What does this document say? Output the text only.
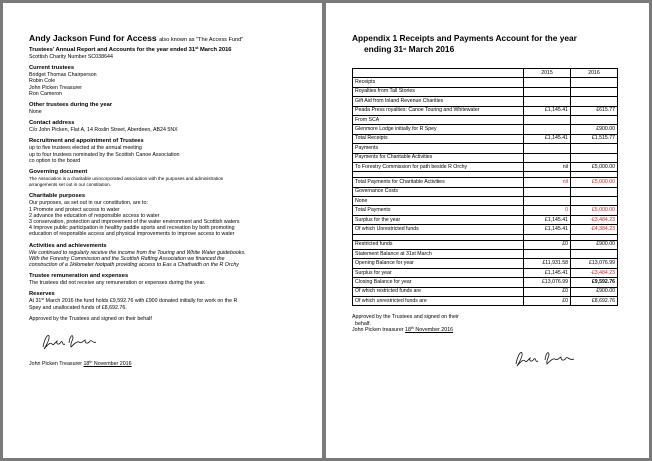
Andy Jackson Fund for Access also known as "The Access Fund"
Trustees’ Annual Report and Accounts for the year ended 31st March 2016
Scottish Charity Number SC038644
Current trustees
Bridget Thomas Chairperson
Robin Cole
John Picken Treasurer
Ron Cameron
Other trustees during the year
None
Contact address
C/o John Picken, Flat A, 14 Roslin Street, Aberdeen, AB24 5NX
Recruitment and appointment of Trustees
up to five trustees elected at the annual meeting
up to four trustees nominated by the Scottish Canoe Association
co option to the board
Governing document
The Association is a charitable unincorporated association with the purposes and administration
arrangements set out in our constitution.
Charitable purposes
Our purposes, as set out in our constitution, are to:
1 Promote and protect access to water
2 advance the education of responsible access to water
3 conservation, protection and improvement of the water environment and Scottish waters
4 Improve public participation in healthy paddle sports and recreation by both promoting
education of responsible access and physical improvements to improve access to water
Activities and achievements
We continued to regularly receive the income from the Touring and White Water guidebooks.
With the Forestry Commission and the Scottish Rafting Association we financed the
construction of a 1kilometer footpath providing access to Eas a Chathaidh on the R Orchy
Trustee remuneration and expenses
The trustees did not receive any remuneration or expenses during the year.
Reserves
At 31st March 2016 the fund holds £9,592.76 with £900 donated initially for work on the R
Spey and unallocated funds of £8,692.76.
Approved by the Trustees and signed on their behalf
John Picken Treasurer 18th November 2016
Appendix 1 Receipts and Payments Account for the year
ending 31st March 2016
	2015	2016
Receipts		
Royalties from Tall Stories		
Gift Aid from Inland Revenue Charities		
Peada Press royalties: Canoe Touring and Whitewater	£1,145.41	£615.77
From SCA		
Glenmore Lodge initially for R Spey		£900.00
Total Receipts	£1,145.41	£1,515.77
Payments		
Payments for Charitable Activities		
To Forestry Commission for path beside R Orchy	nil	£5,000.00

Total Payments for Charitable Activities	nil	£5,000.00
Governance Costs		
None		
Total Payments	0	£5,000.00
Surplus for the year	£1,145.41	-£3,484.23
Of which Unrestricted funds	£1,145.41	-£4,384.23

Restricted funds	£0	£900.00
Statement Balance at 31st March		
Opening Balance for year	£11,931.58	£13,076.99
Surplus for year	£1,145.41	-£3,484.23
Closing Balance for year	£13,076.99	£9,592.76
Of which restricted funds are	£0	£900.00
Of which unrestricted funds are	£0	£8,692.76
Approved by the Trustees and signed on their
behalf.
John Picken treasurer 18th November 2016
